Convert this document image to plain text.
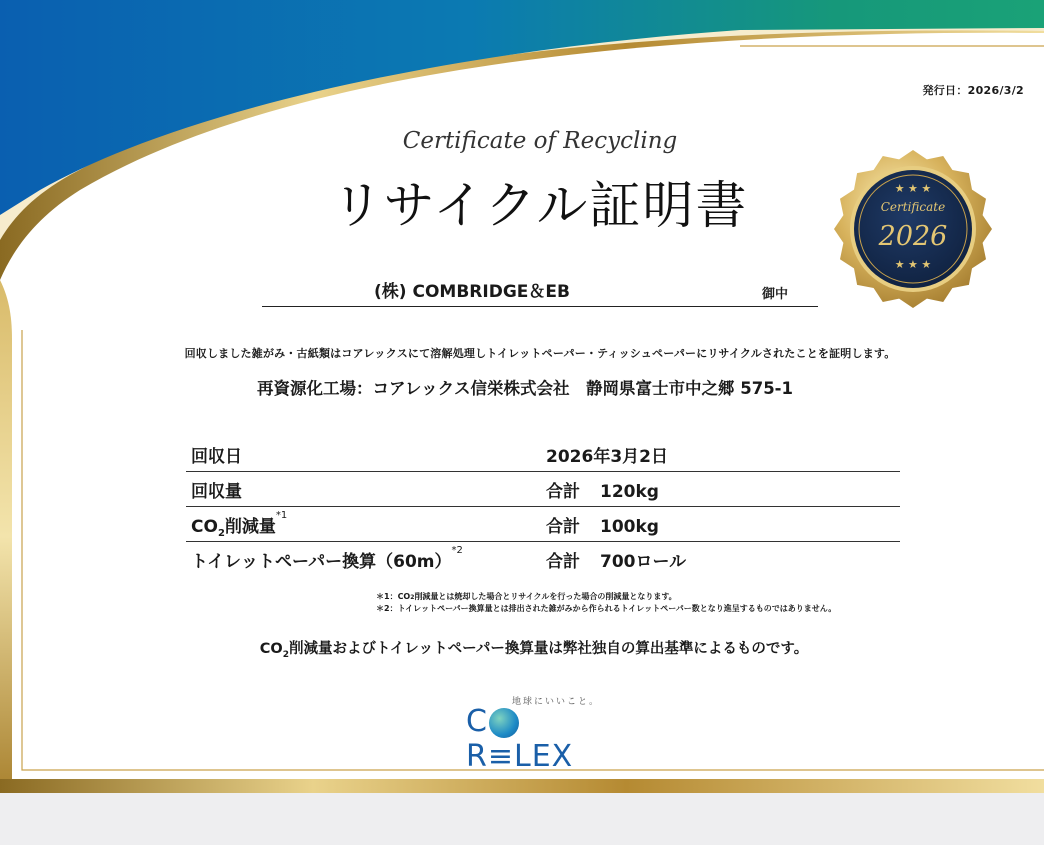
発行日：2026/3/2
Certificate of Recycling
リサイクル証明書	★ ★ ★
Certificate
2026
★ ★ ★
(株) COMBRIDGE＆EB	御中
回収しました雑がみ・古紙類はコアレックスにて溶解処理しトイレットペーパー・ティッシュペーパーにリサイクルされたことを証明します。
再資源化工場：コアレックス信栄株式会社　静岡県富士市中之郷 575-1
回収日	2026年3月2日
回収量	合計 120kg
CO2削減量$^{*1}$	合計 100kg
トイレットペーパー換算$(60m)^{*2}$	合計 700ロール
＊1：CO2削減量とは焼却した場合とリサイクルを行った場合の削減量となります。
＊2：トイレットペーパー換算量とは排出された雑がみから作られるトイレットペーパー数となり進呈するものではありません。
CO2削減量およびトイレットペーパー換算量は弊社独自の算出基準によるものです。
地球にいいこと。
CR≡LEX
